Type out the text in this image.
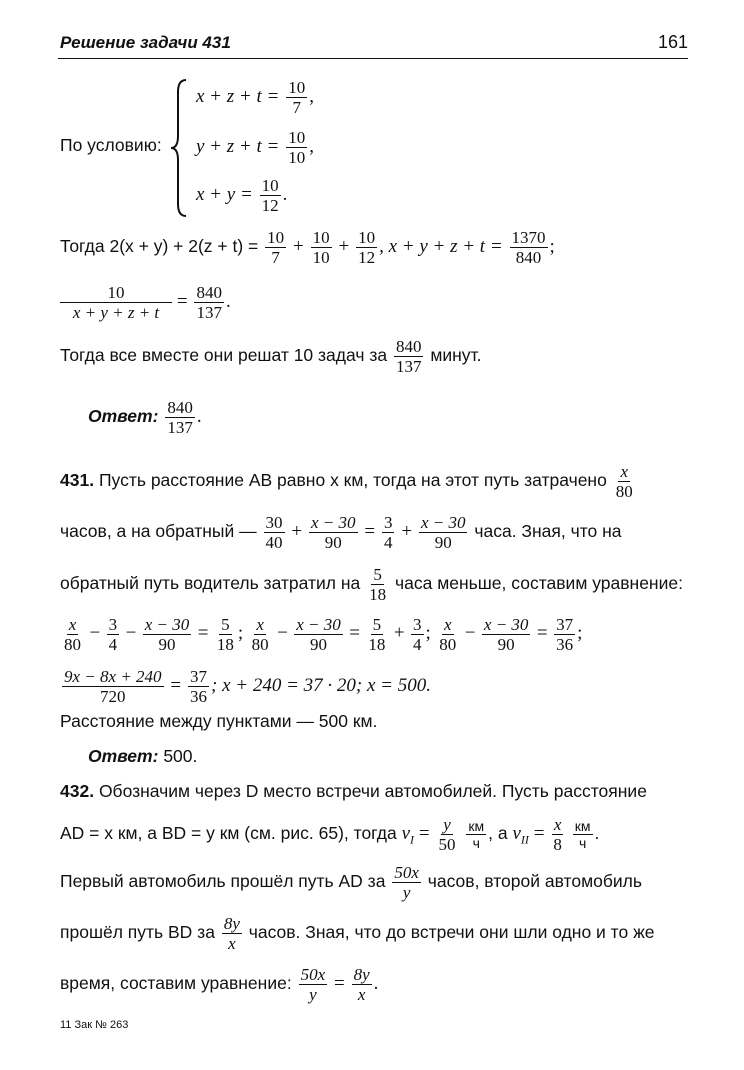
Решение задачи 431	161
По условию:
$x + z + t = \frac{10}{7}$ ,
$y + z + t = \frac{10}{10}$ ,
$x + y = \frac{10}{12}$ .
Тогда $2(x + y) + 2(z + t) = \frac{10}{7} + \frac{10}{10} + \frac{10}{12}$ , $x + y + z + t = \frac{1370}{840}$ ;
$\frac{10}{x + y + z + t} = \frac{840}{137}$ .
Тогда все вместе они решат 10 задач за $\frac{840}{137}$ минут.
Ответ: $\frac{840}{137}$ .
431. Пусть расстояние AB равно x км, тогда на этот путь затрачено $\frac{x}{80}$
часов, а на обратный — $\frac{30}{40} + \frac{x - 30}{90} = \frac{3}{4} + \frac{x - 30}{90}$ часа. Зная, что на
обратный путь водитель затратил на $\frac{5}{18}$ часа меньше, составим уравнение:
$\frac{x}{80} - \frac{3}{4} - \frac{x - 30}{90} = \frac{5}{18}$ ; $\frac{x}{80} - \frac{x - 30}{90} = \frac{5}{18} + \frac{3}{4}$ ; $\frac{x}{80} - \frac{x - 30}{90} = \frac{37}{36}$ ;
$\frac{9x - 8x + 240}{720} = \frac{37}{36}$ ; x + 240 = 37 · 20; x = 500.
Расстояние между пунктами — 500 км.
Ответ: 500.
432. Обозначим через D место встречи автомобилей. Пусть расстояние
AD = x км, а BD = y км (см. рис. 65), тогда $v_I = \frac{y}{50}$
$\frac{км}{ч}$ , а $v_{II} = \frac{x}{8}$
$\frac{км}{ч}$ .
Первый автомобиль прошёл путь AD за $\frac{50x}{y}$ часов, второй автомобиль
прошёл путь BD за $\frac{8y}{x}$ часов. Зная, что до встречи они шли одно и то же
время, составим уравнение: $\frac{50x}{y} = \frac{8y}{x}$ .
11 Зак № 263
